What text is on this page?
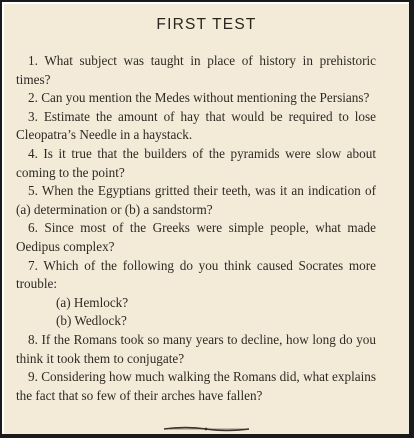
FIRST TEST

1. What subject was taught in place of history in prehistoric times?

2. Can you mention the Medes without mentioning the Persians?

3. Estimate the amount of hay that would be required to lose Cleopatra’s Needle in a haystack.

4. Is it true that the builders of the pyramids were slow about coming to the point?

5. When the Egyptians gritted their teeth, was it an indication of (a) determination or (b) a sandstorm?

6. Since most of the Greeks were simple people, what made Oedipus complex?

7. Which of the following do you think caused Socrates more trouble:

(a) Hemlock?

(b) Wedlock?

8. If the Romans took so many years to decline, how long do you think it took them to conjugate?

9. Considering how much walking the Romans did, what explains the fact that so few of their arches have fallen?
